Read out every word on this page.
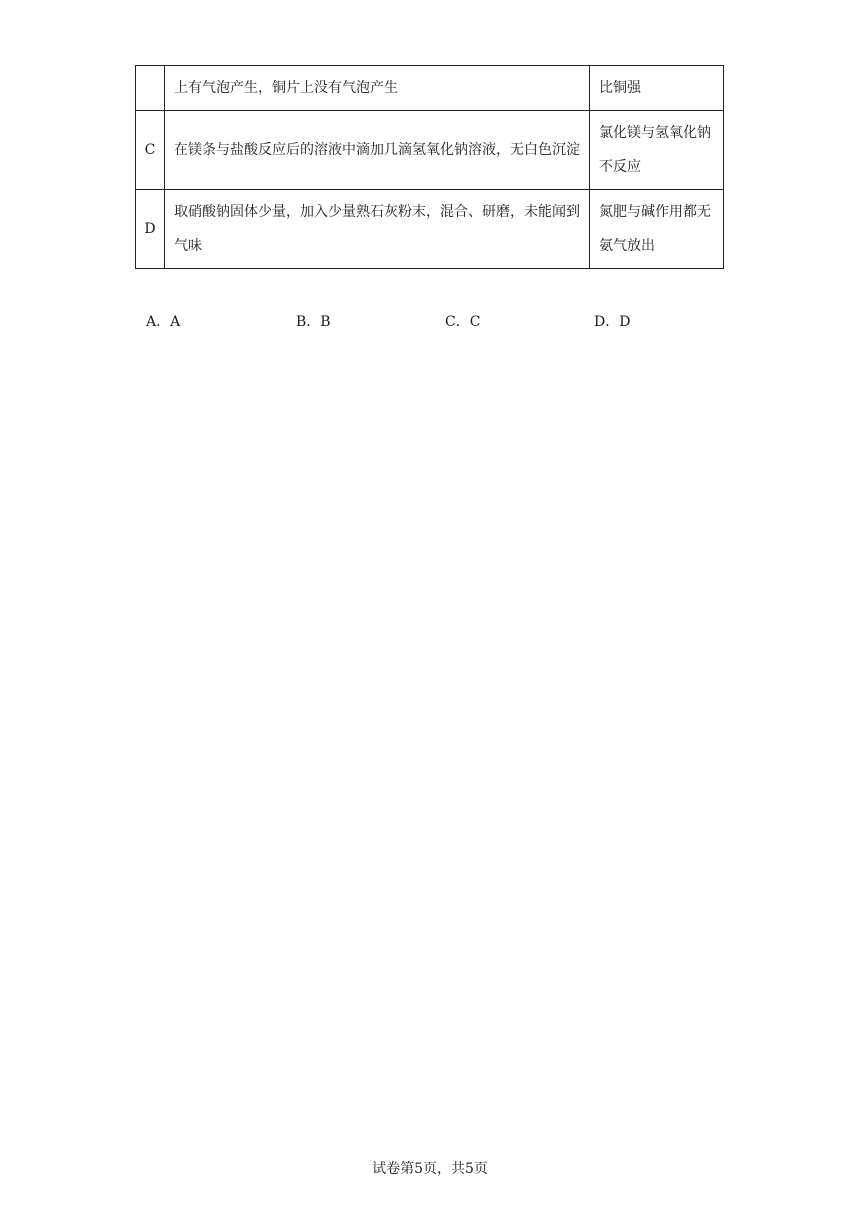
	上有气泡产生，铜片上没有气泡产生	比铜强
C	在镁条与盐酸反应后的溶液中滴加几滴氢氧化钠溶液，无白色沉淀	氯化镁与氢氧化钠不反应
D	取硝酸钠固体少量，加入少量熟石灰粉末，混合、研磨，未能闻到气味	氮肥与碱作用都无氨气放出
A．A	B．B	C．C	D．D
试卷第5页，共5页
